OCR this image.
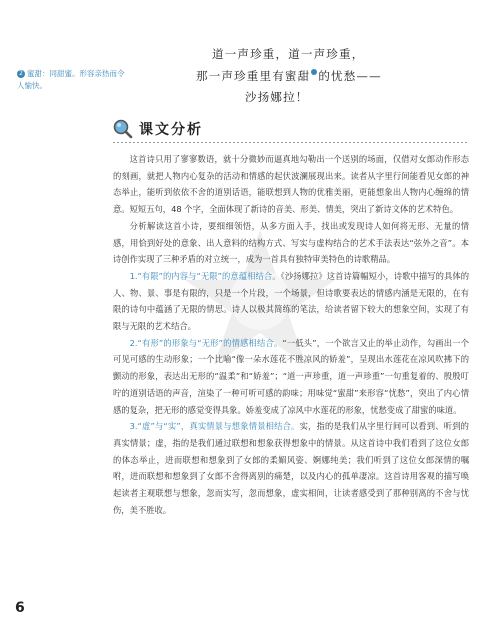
道一声珍重，道一声珍重，
那一声珍重里有蜜甜 的忧愁——
沙扬娜拉！
2 蜜甜：同甜蜜。形容亲热而令人愉快。
课文分析

这首诗只用了寥寥数语，就十分微妙而逼真地勾勒出一个送别的场面，仅借对女郎动作形态的刻画，就把人物内心复杂的活动和情感的起伏波澜展现出来。读者从字里行间能看见女郎的神态举止，能听到依依不舍的道别话语，能联想到人物的优雅美丽，更能想象出人物内心缠绵的情意。短短五句，48 个字，全面体现了新诗的音美、形美、情美，突出了新诗文体的艺术特色。

分析解读这首小诗，要细细领悟，从多方面入手，找出或发现诗人如何将无形、无量的情感，用恰到好处的意象、出人意料的结构方式、写实与虚构结合的艺术手法表达“弦外之音”。本诗创作实现了三种矛盾的对立统一，成为一首具有独特审美特色的诗歌精品。

1.“有限”的内容与“无限”的意蕴相结合。《沙扬娜拉》这首诗篇幅短小，诗歌中描写的具体的人、物、景、事是有限的，只是一个片段，一个场景，但诗歌要表达的情感内涵是无限的，在有限的诗句中蕴涵了无限的情思。诗人以极其简练的笔法，给读者留下较大的想象空间，实现了有限与无限的艺术结合。

2.“有形”的形象与“无形”的情感相结合。“一低头”，一个欲言又止的举止动作，勾画出一个可见可感的生动形象；一个比喻“像一朵水莲花不胜凉风的娇羞”，呈现出水莲花在凉风吹拂下的颤动的形象，表达出无形的“温柔”和“娇羞”；“道一声珍重，道一声珍重”一句重复着的、殷殷叮咛的道别话语的声音，渲染了一种可听可感的韵味；用味觉“蜜甜”来形容“忧愁”，突出了内心情感的复杂，把无形的感觉变得具象。娇羞变成了凉风中水莲花的形象，忧愁变成了甜蜜的味道。

3.“虚”与“实”，真实情景与想象情景相结合。实，指的是我们从字里行间可以看到、听到的真实情景；虚，指的是我们通过联想和想象获得想象中的情景。从这首诗中我们看到了这位女郎的体态举止，进而联想和想象到了女郎的柔媚风姿、婀娜纯美；我们听到了这位女郎深情的嘱咐，进而联想和想象到了女郎不舍得离别的痛楚，以及内心的孤单凄凉。这首诗用客观的描写唤起读者主观联想与想象，忽而实写，忽而想象，虚实相间，让读者感受到了那种别离的不舍与忧伤，美不胜收。

6
